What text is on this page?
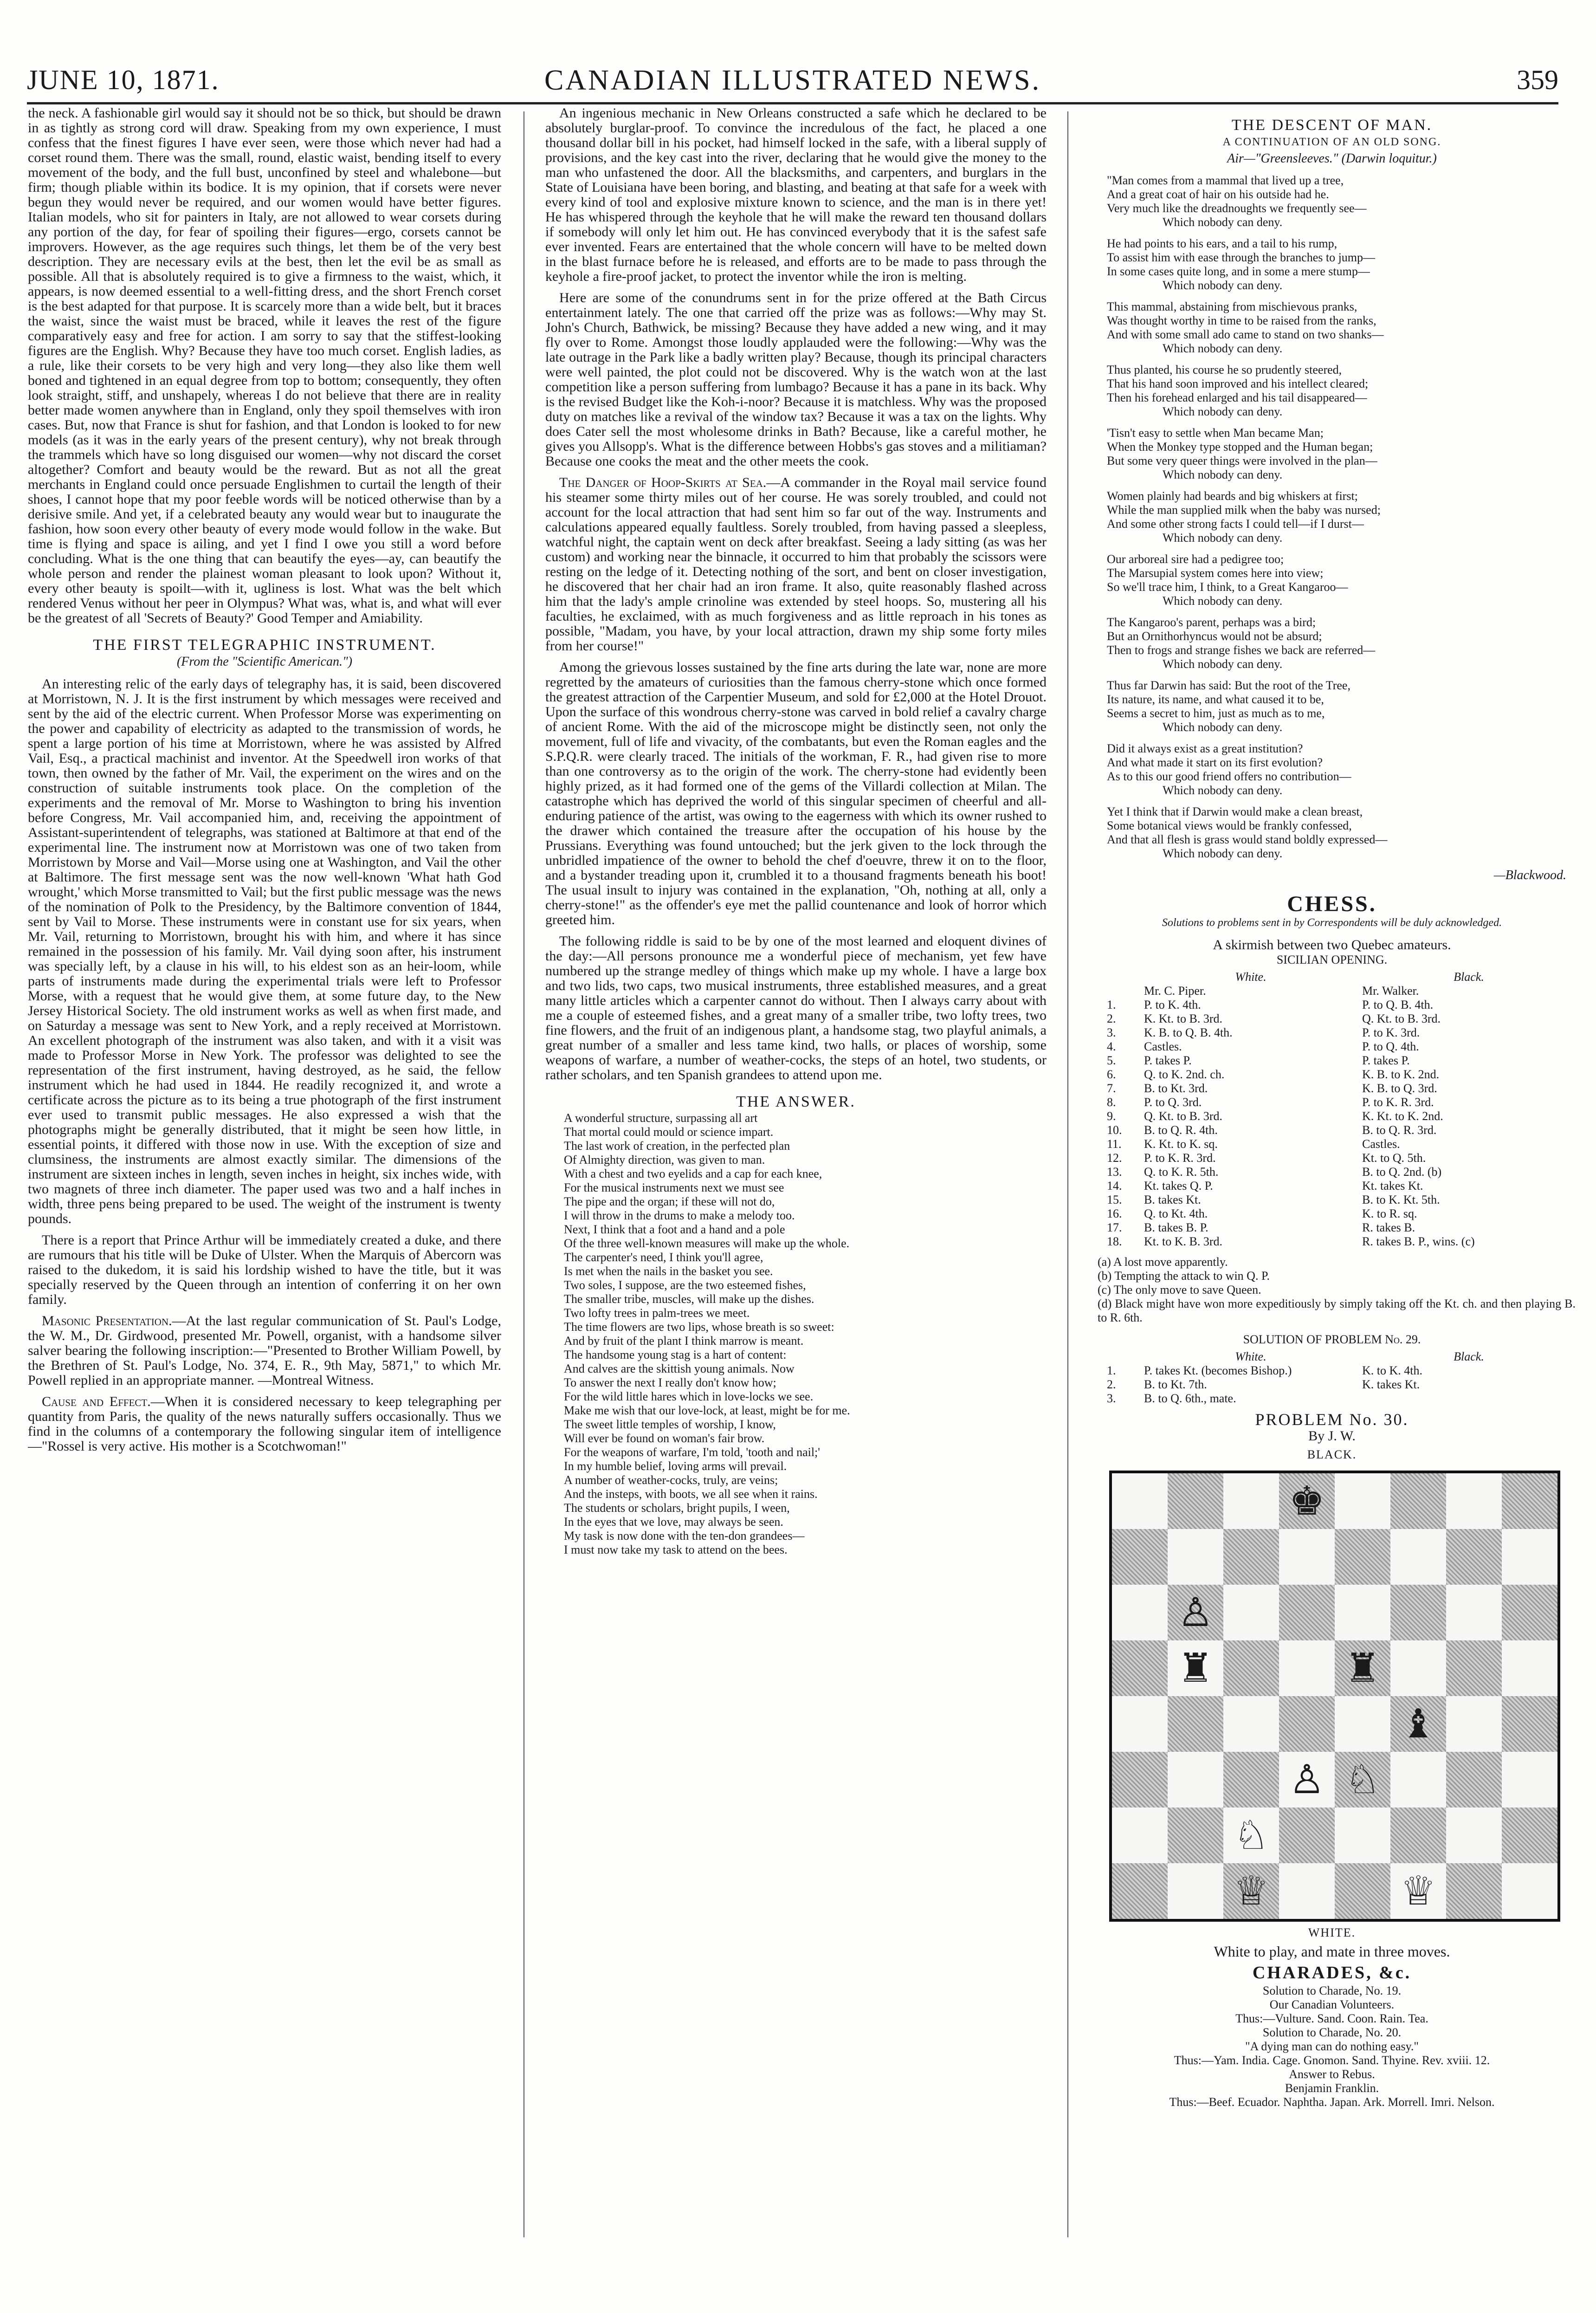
JUNE 10, 1871.	CANADIAN ILLUSTRATED NEWS.	359

the neck. A fashionable girl would say it should not be so thick, but should be drawn in as tightly as strong cord will draw. Speaking from my own experience, I must confess that the finest figures I have ever seen, were those which never had had a corset round them. There was the small, round, elastic waist, bending itself to every movement of the body, and the full bust, unconfined by steel and whalebone—but firm; though pliable within its bodice. It is my opinion, that if corsets were never begun they would never be required, and our women would have better figures. Italian models, who sit for painters in Italy, are not allowed to wear corsets during any portion of the day, for fear of spoiling their figures—ergo, corsets cannot be improvers. However, as the age requires such things, let them be of the very best description. They are necessary evils at the best, then let the evil be as small as possible. All that is absolutely required is to give a firmness to the waist, which, it appears, is now deemed essential to a well-fitting dress, and the short French corset is the best adapted for that purpose. It is scarcely more than a wide belt, but it braces the waist, since the waist must be braced, while it leaves the rest of the figure comparatively easy and free for action. I am sorry to say that the stiffest-looking figures are the English. Why? Because they have too much corset. English ladies, as a rule, like their corsets to be very high and very long—they also like them well boned and tightened in an equal degree from top to bottom; consequently, they often look straight, stiff, and unshapely, whereas I do not believe that there are in reality better made women anywhere than in England, only they spoil themselves with iron cases. But, now that France is shut for fashion, and that London is looked to for new models (as it was in the early years of the present century), why not break through the trammels which have so long disguised our women—why not discard the corset altogether? Comfort and beauty would be the reward. But as not all the great merchants in England could once persuade Englishmen to curtail the length of their shoes, I cannot hope that my poor feeble words will be noticed otherwise than by a derisive smile. And yet, if a celebrated beauty any would wear but to inaugurate the fashion, how soon every other beauty of every mode would follow in the wake. But time is flying and space is ailing, and yet I find I owe you still a word before concluding. What is the one thing that can beautify the eyes—ay, can beautify the whole person and render the plainest woman pleasant to look upon? Without it, every other beauty is spoilt—with it, ugliness is lost. What was the belt which rendered Venus without her peer in Olympus? What was, what is, and what will ever be the greatest of all 'Secrets of Beauty?' Good Temper and Amiability.

THE FIRST TELEGRAPHIC INSTRUMENT.
(From the "Scientific American.")

An interesting relic of the early days of telegraphy has, it is said, been discovered at Morristown, N. J. It is the first instrument by which messages were received and sent by the aid of the electric current. When Professor Morse was experimenting on the power and capability of electricity as adapted to the transmission of words, he spent a large portion of his time at Morristown, where he was assisted by Alfred Vail, Esq., a practical machinist and inventor. At the Speedwell iron works of that town, then owned by the father of Mr. Vail, the experiment on the wires and on the construction of suitable instruments took place. On the completion of the experiments and the removal of Mr. Morse to Washington to bring his invention before Congress, Mr. Vail accompanied him, and, receiving the appointment of Assistant-superintendent of telegraphs, was stationed at Baltimore at that end of the experimental line. The instrument now at Morristown was one of two taken from Morristown by Morse and Vail—Morse using one at Washington, and Vail the other at Baltimore. The first message sent was the now well-known 'What hath God wrought,' which Morse transmitted to Vail; but the first public message was the news of the nomination of Polk to the Presidency, by the Baltimore convention of 1844, sent by Vail to Morse. These instruments were in constant use for six years, when Mr. Vail, returning to Morristown, brought his with him, and where it has since remained in the possession of his family. Mr. Vail dying soon after, his instrument was specially left, by a clause in his will, to his eldest son as an heir-loom, while parts of instruments made during the experimental trials were left to Professor Morse, with a request that he would give them, at some future day, to the New Jersey Historical Society. The old instrument works as well as when first made, and on Saturday a message was sent to New York, and a reply received at Morristown. An excellent photograph of the instrument was also taken, and with it a visit was made to Professor Morse in New York. The professor was delighted to see the representation of the first instrument, having destroyed, as he said, the fellow instrument which he had used in 1844. He readily recognized it, and wrote a certificate across the picture as to its being a true photograph of the first instrument ever used to transmit public messages. He also expressed a wish that the photographs might be generally distributed, that it might be seen how little, in essential points, it differed with those now in use. With the exception of size and clumsiness, the instruments are almost exactly similar. The dimensions of the instrument are sixteen inches in length, seven inches in height, six inches wide, with two magnets of three inch diameter. The paper used was two and a half inches in width, three pens being prepared to be used. The weight of the instrument is twenty pounds.

There is a report that Prince Arthur will be immediately created a duke, and there are rumours that his title will be Duke of Ulster. When the Marquis of Abercorn was raised to the dukedom, it is said his lordship wished to have the title, but it was specially reserved by the Queen through an intention of conferring it on her own family.

Masonic Presentation.—At the last regular communication of St. Paul's Lodge, the W. M., Dr. Girdwood, presented Mr. Powell, organist, with a handsome silver salver bearing the following inscription:—"Presented to Brother William Powell, by the Brethren of St. Paul's Lodge, No. 374, E. R., 9th May, 5871," to which Mr. Powell replied in an appropriate manner. —Montreal Witness.

Cause and Effect.—When it is considered necessary to keep telegraphing per quantity from Paris, the quality of the news naturally suffers occasionally. Thus we find in the columns of a contemporary the following singular item of intelligence—"Rossel is very active. His mother is a Scotchwoman!"

An ingenious mechanic in New Orleans constructed a safe which he declared to be absolutely burglar-proof. To convince the incredulous of the fact, he placed a one thousand dollar bill in his pocket, had himself locked in the safe, with a liberal supply of provisions, and the key cast into the river, declaring that he would give the money to the man who unfastened the door. All the blacksmiths, and carpenters, and burglars in the State of Louisiana have been boring, and blasting, and beating at that safe for a week with every kind of tool and explosive mixture known to science, and the man is in there yet! He has whispered through the keyhole that he will make the reward ten thousand dollars if somebody will only let him out. He has convinced everybody that it is the safest safe ever invented. Fears are entertained that the whole concern will have to be melted down in the blast furnace before he is released, and efforts are to be made to pass through the keyhole a fire-proof jacket, to protect the inventor while the iron is melting.

Here are some of the conundrums sent in for the prize offered at the Bath Circus entertainment lately. The one that carried off the prize was as follows:—Why may St. John's Church, Bathwick, be missing? Because they have added a new wing, and it may fly over to Rome. Amongst those loudly applauded were the following:—Why was the late outrage in the Park like a badly written play? Because, though its principal characters were well painted, the plot could not be discovered. Why is the watch won at the last competition like a person suffering from lumbago? Because it has a pane in its back. Why is the revised Budget like the Koh-i-noor? Because it is matchless. Why was the proposed duty on matches like a revival of the window tax? Because it was a tax on the lights. Why does Cater sell the most wholesome drinks in Bath? Because, like a careful mother, he gives you Allsopp's. What is the difference between Hobbs's gas stoves and a militiaman? Because one cooks the meat and the other meets the cook.

The Danger of Hoop-Skirts at Sea.—A commander in the Royal mail service found his steamer some thirty miles out of her course. He was sorely troubled, and could not account for the local attraction that had sent him so far out of the way. Instruments and calculations appeared equally faultless. Sorely troubled, from having passed a sleepless, watchful night, the captain went on deck after breakfast. Seeing a lady sitting (as was her custom) and working near the binnacle, it occurred to him that probably the scissors were resting on the ledge of it. Detecting nothing of the sort, and bent on closer investigation, he discovered that her chair had an iron frame. It also, quite reasonably flashed across him that the lady's ample crinoline was extended by steel hoops. So, mustering all his faculties, he exclaimed, with as much forgiveness and as little reproach in his tones as possible, "Madam, you have, by your local attraction, drawn my ship some forty miles from her course!"

Among the grievous losses sustained by the fine arts during the late war, none are more regretted by the amateurs of curiosities than the famous cherry-stone which once formed the greatest attraction of the Carpentier Museum, and sold for £2,000 at the Hotel Drouot. Upon the surface of this wondrous cherry-stone was carved in bold relief a cavalry charge of ancient Rome. With the aid of the microscope might be distinctly seen, not only the movement, full of life and vivacity, of the combatants, but even the Roman eagles and the S.P.Q.R. were clearly traced. The initials of the workman, F. R., had given rise to more than one controversy as to the origin of the work. The cherry-stone had evidently been highly prized, as it had formed one of the gems of the Villardi collection at Milan. The catastrophe which has deprived the world of this singular specimen of cheerful and all-enduring patience of the artist, was owing to the eagerness with which its owner rushed to the drawer which contained the treasure after the occupation of his house by the Prussians. Everything was found untouched; but the jerk given to the lock through the unbridled impatience of the owner to behold the chef d'oeuvre, threw it on to the floor, and a bystander treading upon it, crumbled it to a thousand fragments beneath his boot! The usual insult to injury was contained in the explanation, "Oh, nothing at all, only a cherry-stone!" as the offender's eye met the pallid countenance and look of horror which greeted him.

The following riddle is said to be by one of the most learned and eloquent divines of the day:—All persons pronounce me a wonderful piece of mechanism, yet few have numbered up the strange medley of things which make up my whole. I have a large box and two lids, two caps, two musical instruments, three established measures, and a great many little articles which a carpenter cannot do without. Then I always carry about with me a couple of esteemed fishes, and a great many of a smaller tribe, two lofty trees, two fine flowers, and the fruit of an indigenous plant, a handsome stag, two playful animals, a great number of a smaller and less tame kind, two halls, or places of worship, some weapons of warfare, a number of weather-cocks, the steps of an hotel, two students, or rather scholars, and ten Spanish grandees to attend upon me.

THE ANSWER.
A wonderful structure, surpassing all art
That mortal could mould or science impart.
The last work of creation, in the perfected plan
Of Almighty direction, was given to man.
With a chest and two eyelids and a cap for each knee,
For the musical instruments next we must see
The pipe and the organ; if these will not do,
I will throw in the drums to make a melody too.
Next, I think that a foot and a hand and a pole
Of the three well-known measures will make up the whole.
The carpenter's need, I think you'll agree,
Is met when the nails in the basket you see.
Two soles, I suppose, are the two esteemed fishes,
The smaller tribe, muscles, will make up the dishes.
Two lofty trees in palm-trees we meet.
The time flowers are two lips, whose breath is so sweet:
And by fruit of the plant I think marrow is meant.
The handsome young stag is a hart of content:
And calves are the skittish young animals. Now
To answer the next I really don't know how;
For the wild little hares which in love-locks we see.
Make me wish that our love-lock, at least, might be for me.
The sweet little temples of worship, I know,
Will ever be found on woman's fair brow.
For the weapons of warfare, I'm told, 'tooth and nail;'
In my humble belief, loving arms will prevail.
A number of weather-cocks, truly, are veins;
And the insteps, with boots, we all see when it rains.
The students or scholars, bright pupils, I ween,
In the eyes that we love, may always be seen.
My task is now done with the ten-don grandees—
I must now take my task to attend on the bees.
THE DESCENT OF MAN.
A CONTINUATION OF AN OLD SONG.
Air—"Greensleeves." (Darwin loquitur.)
"Man comes from a mammal that lived up a tree,
And a great coat of hair on his outside had he.
Very much like the dreadnoughts we frequently see—
Which nobody can deny.
He had points to his ears, and a tail to his rump,
To assist him with ease through the branches to jump—
In some cases quite long, and in some a mere stump—
Which nobody can deny.
This mammal, abstaining from mischievous pranks,
Was thought worthy in time to be raised from the ranks,
And with some small ado came to stand on two shanks—
Which nobody can deny.
Thus planted, his course he so prudently steered,
That his hand soon improved and his intellect cleared;
Then his forehead enlarged and his tail disappeared—
Which nobody can deny.
'Tisn't easy to settle when Man became Man;
When the Monkey type stopped and the Human began;
But some very queer things were involved in the plan—
Which nobody can deny.
Women plainly had beards and big whiskers at first;
While the man supplied milk when the baby was nursed;
And some other strong facts I could tell—if I durst—
Which nobody can deny.
Our arboreal sire had a pedigree too;
The Marsupial system comes here into view;
So we'll trace him, I think, to a Great Kangaroo—
Which nobody can deny.
The Kangaroo's parent, perhaps was a bird;
But an Ornithorhyncus would not be absurd;
Then to frogs and strange fishes we back are referred—
Which nobody can deny.
Thus far Darwin has said: But the root of the Tree,
Its nature, its name, and what caused it to be,
Seems a secret to him, just as much as to me,
Which nobody can deny.
Did it always exist as a great institution?
And what made it start on its first evolution?
As to this our good friend offers no contribution—
Which nobody can deny.
Yet I think that if Darwin would make a clean breast,
Some botanical views would be frankly confessed,
And that all flesh is grass would stand boldly expressed—
Which nobody can deny.
—Blackwood.
CHESS.
Solutions to problems sent in by Correspondents will be duly acknowledged.
A skirmish between two Quebec amateurs.
SICILIAN OPENING.
White.	Black.
Mr. C. Piper.	Mr. Walker.
1.	P. to K. 4th.	P. to Q. B. 4th.
2.	K. Kt. to B. 3rd.	Q. Kt. to B. 3rd.
3.	K. B. to Q. B. 4th.	P. to K. 3rd.
4.	Castles.	P. to Q. 4th.
5.	P. takes P.	P. takes P.
6.	Q. to K. 2nd. ch.	K. B. to K. 2nd.
7.	B. to Kt. 3rd.	K. B. to Q. 3rd.
8.	P. to Q. 3rd.	P. to K. R. 3rd.
9.	Q. Kt. to B. 3rd.	K. Kt. to K. 2nd.
10.	B. to Q. R. 4th.	B. to Q. R. 3rd.
11.	K. Kt. to K. sq.	Castles.
12.	P. to K. R. 3rd.	Kt. to Q. 5th.
13.	Q. to K. R. 5th.	B. to Q. 2nd. (b)
14.	Kt. takes Q. P.	Kt. takes Kt.
15.	B. takes Kt.	B. to K. Kt. 5th.
16.	Q. to Kt. 4th.	K. to R. sq.
17.	B. takes B. P.	R. takes B.
18.	Kt. to K. B. 3rd.	R. takes B. P., wins. (c)
(a) A lost move apparently.
(b) Tempting the attack to win Q. P.
(c) The only move to save Queen.
(d) Black might have won more expeditiously by simply taking off the Kt. ch. and then playing B. to R. 6th.
SOLUTION OF PROBLEM No. 29.
White.	Black.
1.	P. takes Kt. (becomes Bishop.)	K. to K. 4th.
2.	B. to Kt. 7th.	K. takes Kt.
3.	B. to Q. 6th., mate.
PROBLEM No. 30.
By J. W.
BLACK.
♚
♙
♜	♜
♝
♙ ♘
♘
♕	♕
WHITE.
White to play, and mate in three moves.
CHARADES, &c.
Solution to Charade, No. 19.
Our Canadian Volunteers.
Thus:—Vulture. Sand. Coon. Rain. Tea.
Solution to Charade, No. 20.
"A dying man can do nothing easy."
Thus:—Yam. India. Cage. Gnomon. Sand. Thyine. Rev. xviii. 12.
Answer to Rebus.
Benjamin Franklin.
Thus:—Beef. Ecuador. Naphtha. Japan. Ark. Morrell. Imri. Nelson.
